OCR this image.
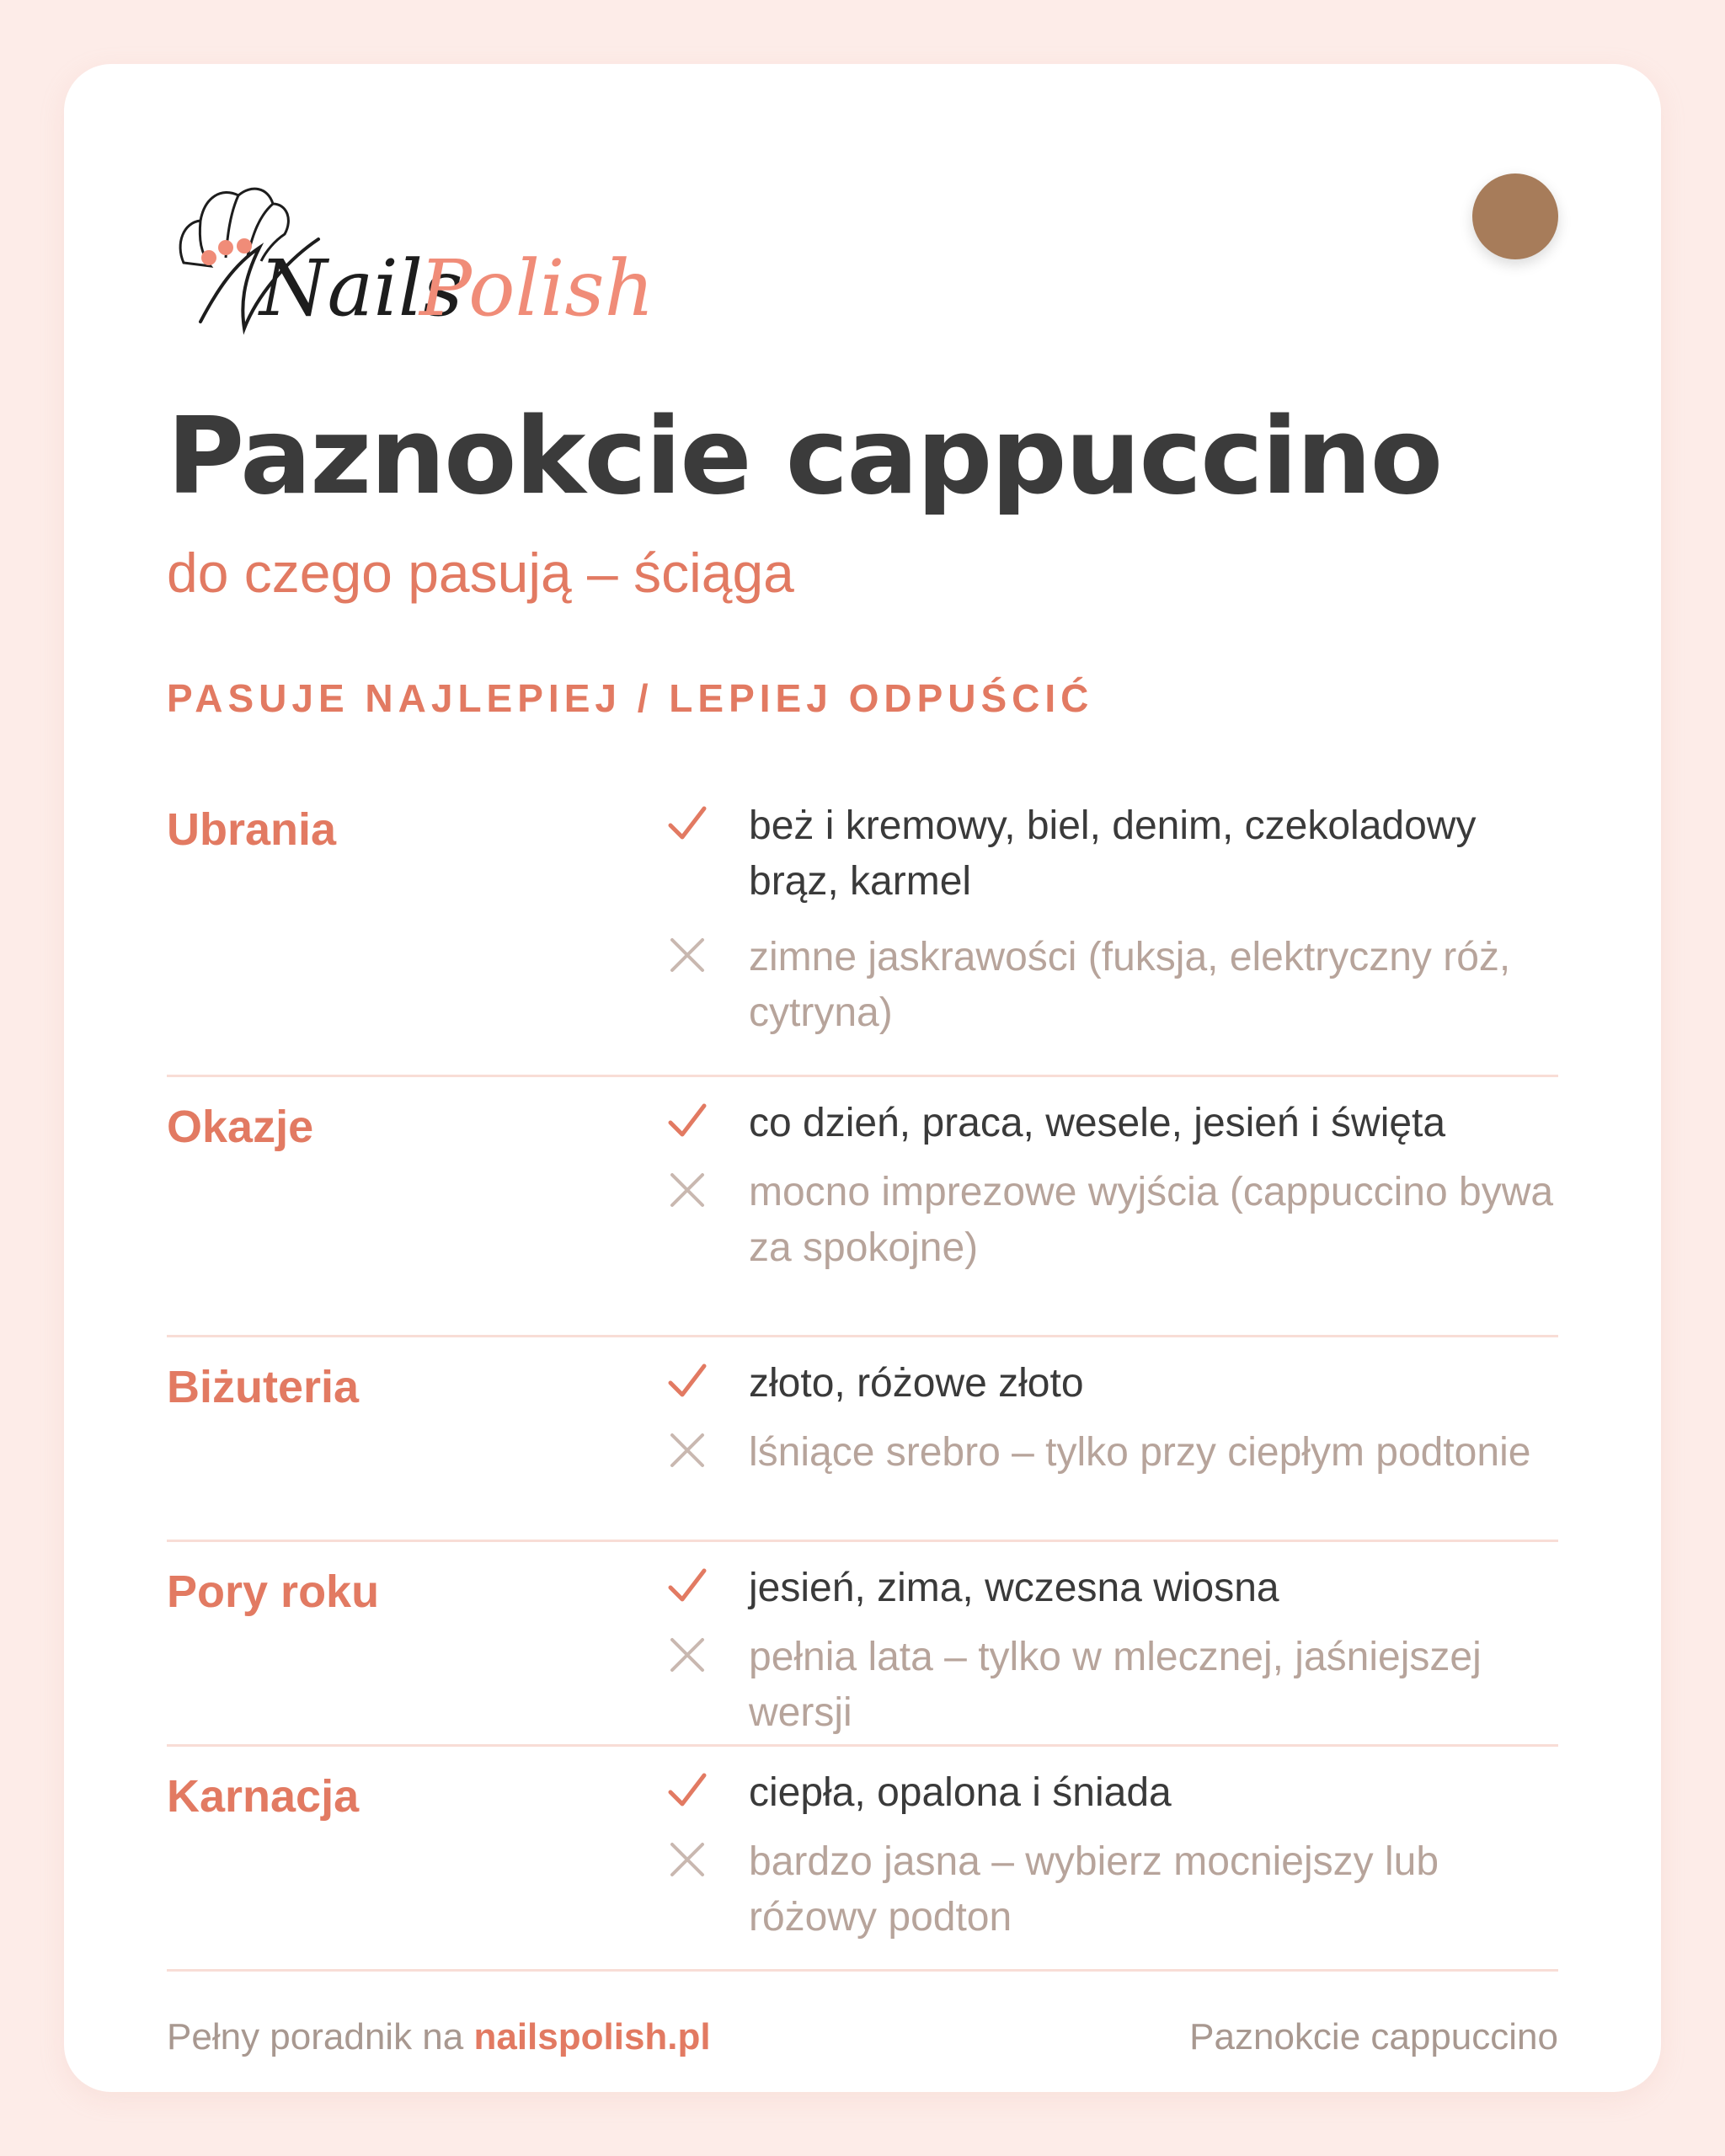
Nails
Polish
Paznokcie cappuccino
do czego pasują – ściąga
PASUJE NAJLEPIEJ / LEPIEJ ODPUŚCIĆ
Ubrania	beż i kremowy, biel, denim, czekoladowy brąz, karmel
zimne jaskrawości (fuksja, elektryczny róż, cytryna)
Okazje	co dzień, praca, wesele, jesień i święta
mocno imprezowe wyjścia (cappuccino bywa za spokojne)
Biżuteria	złoto, różowe złoto
lśniące srebro – tylko przy ciepłym podtonie
Pory roku	jesień, zima, wczesna wiosna
pełnia lata – tylko w mlecznej, jaśniejszej wersji
Karnacja	ciepła, opalona i śniada
bardzo jasna – wybierz mocniejszy lub różowy podton
Pełny poradnik na nailspolish.pl	Paznokcie cappuccino
